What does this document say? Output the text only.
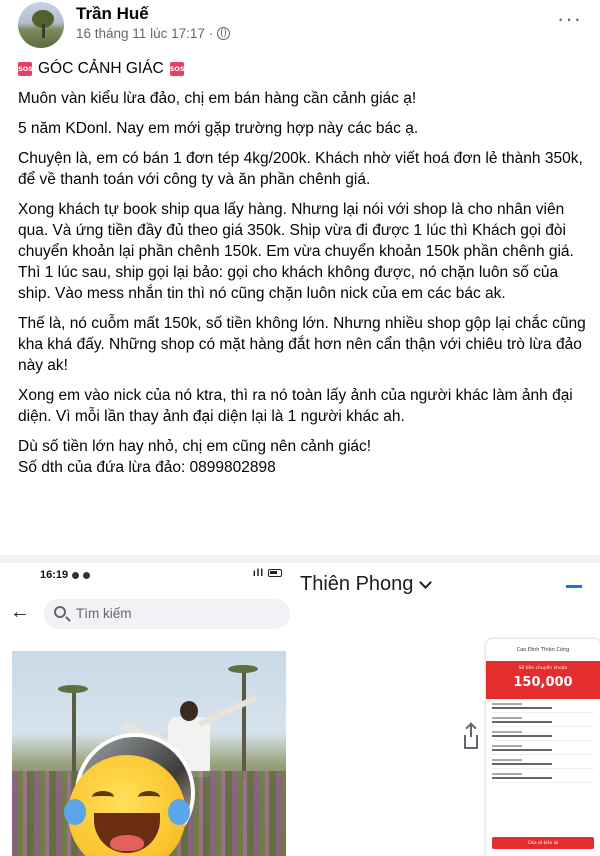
Trần Huế
16 tháng 11 lúc 17:17 ·
···

SOS GÓC CẢNH GIÁC SOS

Muôn vàn kiểu lừa đảo, chị em bán hàng cần cảnh giác ạ!

5 năm KDonl. Nay em mới gặp trường hợp này các bác ạ.

Chuyện là, em có bán 1 đơn tép 4kg/200k. Khách nhờ viết hoá đơn lẻ thành 350k, để về thanh toán với công ty và ăn phần chênh giá.

Xong khách tự book ship qua lấy hàng. Nhưng lại nói với shop là cho nhân viên qua. Và ứng tiền đầy đủ theo giá 350k. Ship vừa đi được 1 lúc thì Khách gọi đòi chuyển khoản lại phần chênh 150k. Em vừa chuyển khoản 150k phần chênh giá. Thì 1 lúc sau, ship gọi lại bảo: gọi cho khách không được, nó chặn luôn số của ship. Vào mess nhắn tin thì nó cũng chặn luôn nick của em các bác ak.

Thế là, nó cuỗm mất 150k, số tiền không lớn. Nhưng nhiều shop gộp lại chắc cũng kha khá đấy. Những shop có mặt hàng đắt hơn nên cẩn thận với chiêu trò lừa đảo này ak!

Xong em vào nick của nó ktra, thì ra nó toàn lấy ảnh của người khác làm ảnh đại diện. Vì mỗi lần thay ảnh đại diện lại là 1 người khác ah.

Dù số tiền lớn hay nhỏ, chị em cũng nên cảnh giác!
Số dth của đứa lừa đảo: 0899802898
16:19	ıll
←	Tìm kiếm
Thiên Phong
Cao Đình Thiên Công
Số tiền chuyển khoản
150,000
Chia sẻ biên lai
